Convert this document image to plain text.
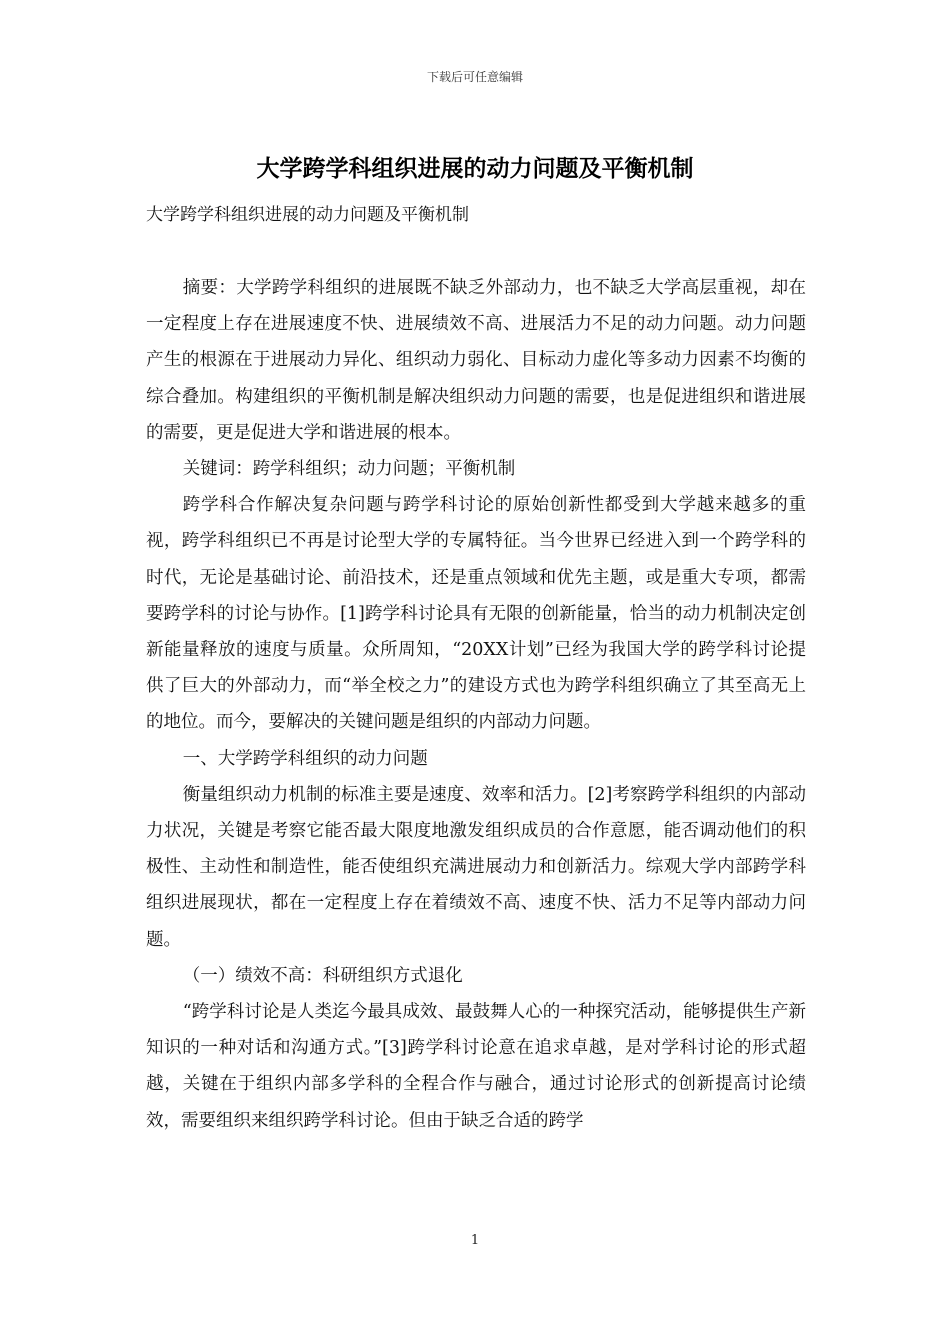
下载后可任意编辑
大学跨学科组织进展的动力问题及平衡机制
大学跨学科组织进展的动力问题及平衡机制

摘要：大学跨学科组织的进展既不缺乏外部动力，也不缺乏大学高层重视，却在一定程度上存在进展速度不快、进展绩效不高、进展活力不足的动力问题。动力问题产生的根源在于进展动力异化、组织动力弱化、目标动力虚化等多动力因素不均衡的综合叠加。构建组织的平衡机制是解决组织动力问题的需要，也是促进组织和谐进展的需要，更是促进大学和谐进展的根本。

关键词：跨学科组织；动力问题；平衡机制

跨学科合作解决复杂问题与跨学科讨论的原始创新性都受到大学越来越多的重视，跨学科组织已不再是讨论型大学的专属特征。当今世界已经进入到一个跨学科的时代，无论是基础讨论、前沿技术，还是重点领域和优先主题，或是重大专项，都需要跨学科的讨论与协作。[1]跨学科讨论具有无限的创新能量，恰当的动力机制决定创新能量释放的速度与质量。众所周知，“20XX计划”已经为我国大学的跨学科讨论提供了巨大的外部动力，而“举全校之力”的建设方式也为跨学科组织确立了其至高无上的地位。而今，要解决的关键问题是组织的内部动力问题。

一、大学跨学科组织的动力问题

衡量组织动力机制的标准主要是速度、效率和活力。[2]考察跨学科组织的内部动力状况，关键是考察它能否最大限度地激发组织成员的合作意愿，能否调动他们的积极性、主动性和制造性，能否使组织充满进展动力和创新活力。综观大学内部跨学科组织进展现状，都在一定程度上存在着绩效不高、速度不快、活力不足等内部动力问题。

（一）绩效不高：科研组织方式退化

“跨学科讨论是人类迄今最具成效、最鼓舞人心的一种探究活动，能够提供生产新知识的一种对话和沟通方式。”[3]跨学科讨论意在追求卓越，是对学科讨论的形式超越，关键在于组织内部多学科的全程合作与融合，通过讨论形式的创新提高讨论绩效，需要组织来组织跨学科讨论。但由于缺乏合适的跨学

1
